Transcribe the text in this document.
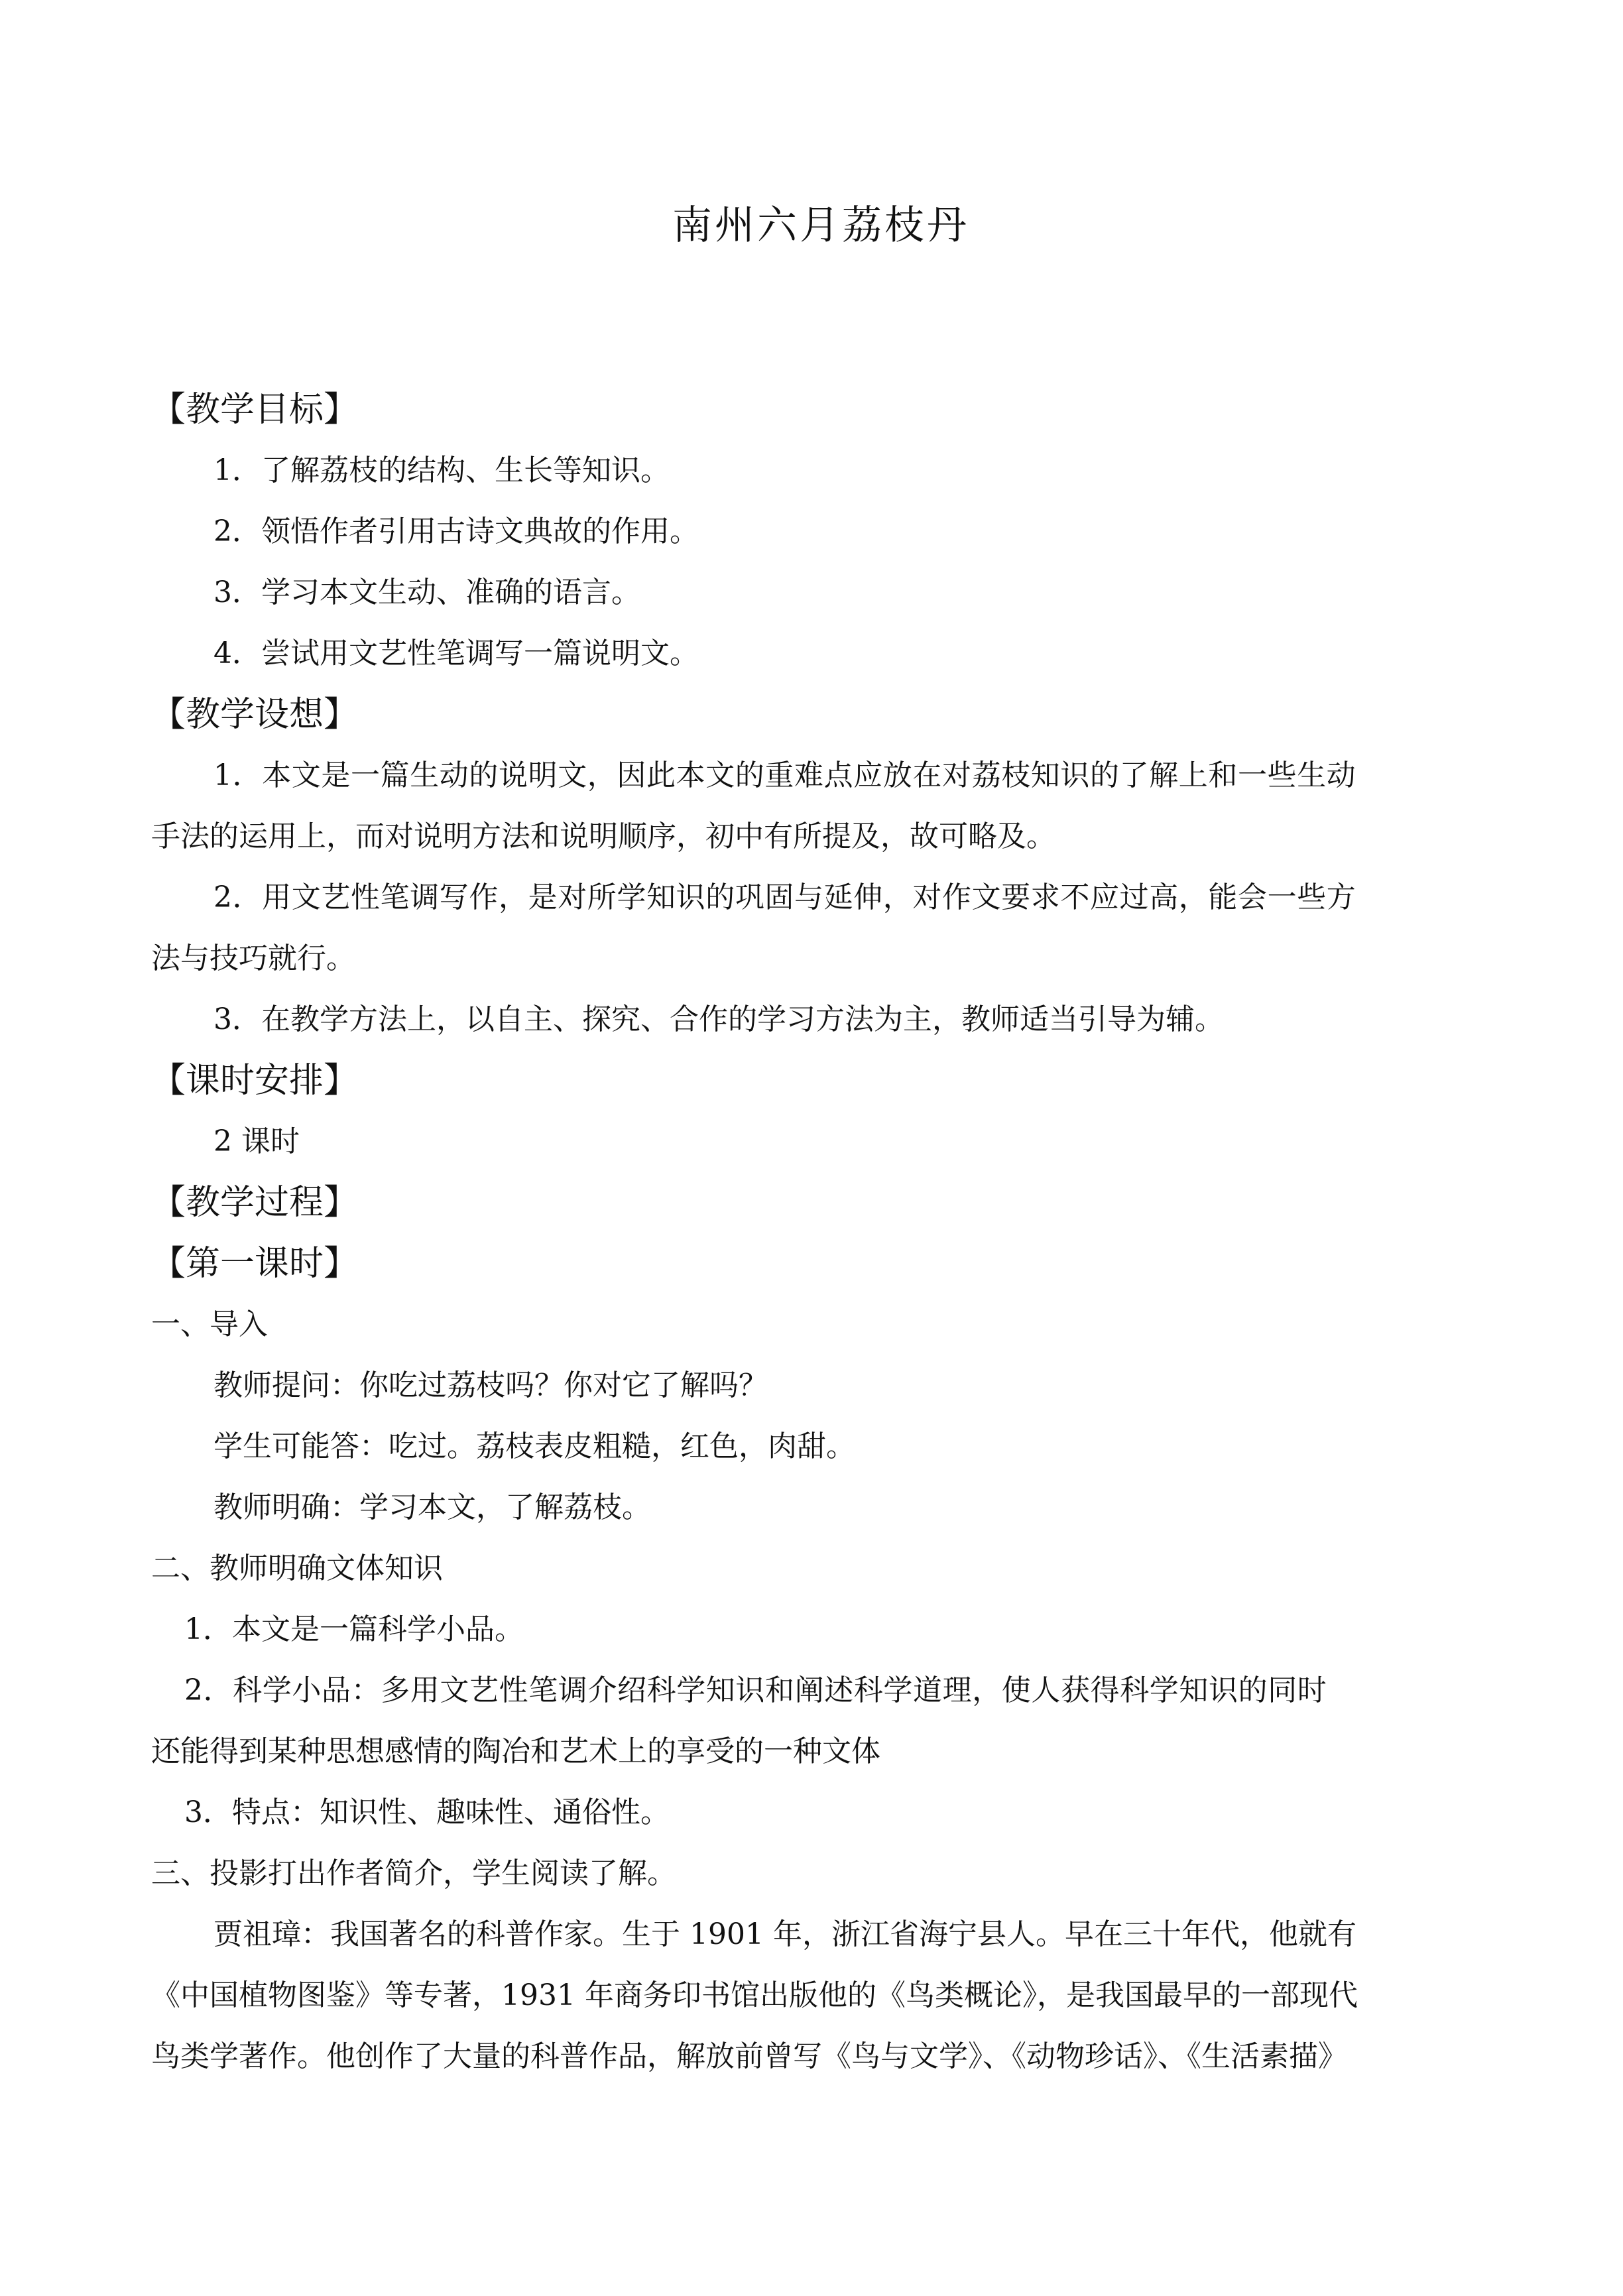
南州六月荔枝丹

【教学目标】

1．了解荔枝的结构、生长等知识。

2．领悟作者引用古诗文典故的作用。

3．学习本文生动、准确的语言。

4．尝试用文艺性笔调写一篇说明文。

【教学设想】

1．本文是一篇生动的说明文，因此本文的重难点应放在对荔枝知识的了解上和一些生动

手法的运用上，而对说明方法和说明顺序，初中有所提及，故可略及。

2．用文艺性笔调写作，是对所学知识的巩固与延伸，对作文要求不应过高，能会一些方

法与技巧就行。

3．在教学方法上，以自主、探究、合作的学习方法为主，教师适当引导为辅。

【课时安排】

2 课时

【教学过程】

【第一课时】

一、导入

教师提问：你吃过荔枝吗？你对它了解吗？

学生可能答：吃过。荔枝表皮粗糙，红色，肉甜。

教师明确：学习本文，了解荔枝。

二、教师明确文体知识

1．本文是一篇科学小品。

2．科学小品：多用文艺性笔调介绍科学知识和阐述科学道理，使人获得科学知识的同时

还能得到某种思想感情的陶冶和艺术上的享受的一种文体

3．特点：知识性、趣味性、通俗性。

三、投影打出作者简介，学生阅读了解。

贾祖璋：我国著名的科普作家。生于 1901 年，浙江省海宁县人。早在三十年代，他就有

《中国植物图鉴》等专著，1931 年商务印书馆出版他的《鸟类概论》，是我国最早的一部现代

鸟类学著作。他创作了大量的科普作品，解放前曾写《鸟与文学》、《动物珍话》、《生活素描》
